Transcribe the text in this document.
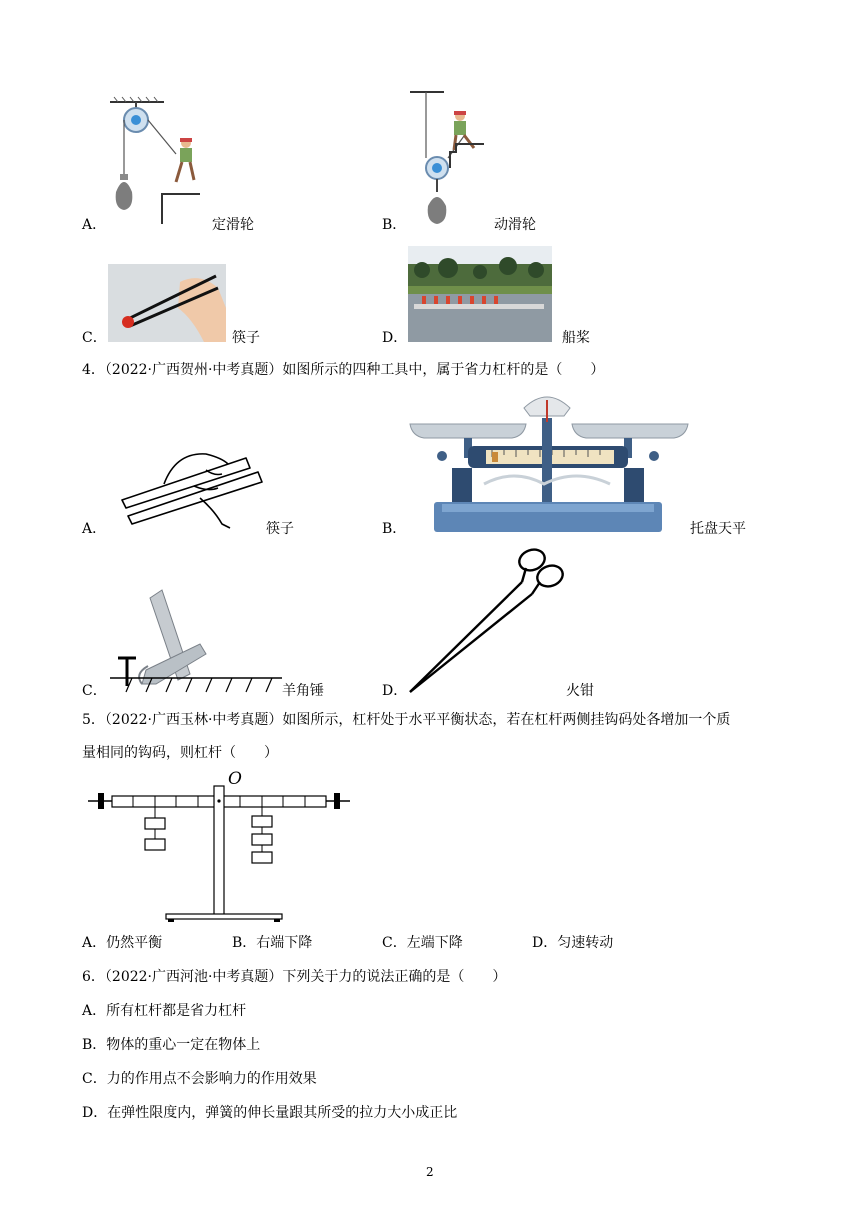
A．	定滑轮	B．	动滑轮
C．	筷子	D．	船桨
4．（2022·广西贺州·中考真题）如图所示的四种工具中，属于省力杠杆的是（　　）
A．	筷子	B．	托盘天平
C．	羊角锤	D．	火钳
5．（2022·广西玉林·中考真题）如图所示，杠杆处于水平平衡状态，若在杠杆两侧挂钩码处各增加一个质
量相同的钩码，则杠杆（　　）
O
A．仍然平衡	B．右端下降	C．左端下降	D．匀速转动
6．（2022·广西河池·中考真题）下列关于力的说法正确的是（　　）
A．所有杠杆都是省力杠杆
B．物体的重心一定在物体上
C．力的作用点不会影响力的作用效果
D．在弹性限度内，弹簧的伸长量跟其所受的拉力大小成正比
2
